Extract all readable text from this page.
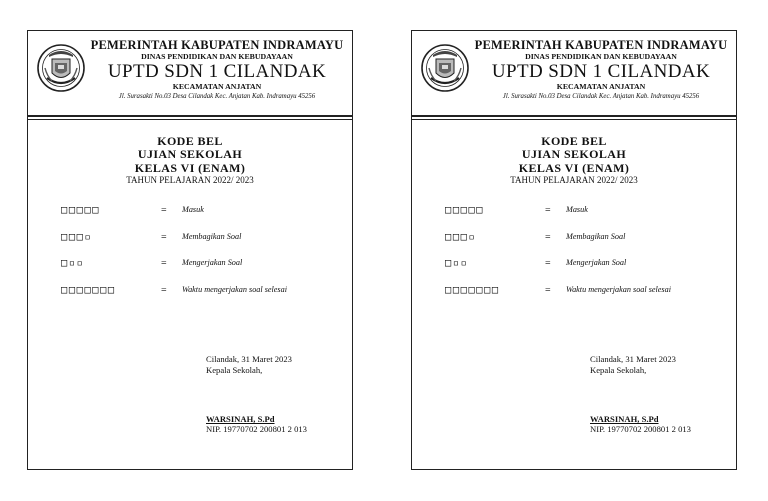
PEMERINTAH KABUPATEN INDRAMAYU
DINAS PENDIDIKAN DAN KEBUDAYAAN
UPTD SDN 1 CILANDAK
KECAMATAN ANJATAN
Jl. Surasakti No.03 Desa Cilandak Kec. Anjatan Kab. Indramayu 45256
KODE BEL
UJIAN SEKOLAH
KELAS VI (ENAM)
TAHUN PELAJARAN 2022/ 2023
□□□□□	= Masuk
□□□▫	= Membagikan Soal
□▫▫	= Mengerjakan Soal
□□□□□□□	= Waktu mengerjakan soal selesai
Cilandak, 31 Maret 2023
Kepala Sekolah,
WARSINAH, S.Pd
NIP. 19770702 200801 2 013
PEMERINTAH KABUPATEN INDRAMAYU
DINAS PENDIDIKAN DAN KEBUDAYAAN
UPTD SDN 1 CILANDAK
KECAMATAN ANJATAN
Jl. Surasakti No.03 Desa Cilandak Kec. Anjatan Kab. Indramayu 45256
KODE BEL
UJIAN SEKOLAH
KELAS VI (ENAM)
TAHUN PELAJARAN 2022/ 2023
□□□□□	= Masuk
□□□▫	= Membagikan Soal
□▫▫	= Mengerjakan Soal
□□□□□□□	= Waktu mengerjakan soal selesai
Cilandak, 31 Maret 2023
Kepala Sekolah,
WARSINAH, S.Pd
NIP. 19770702 200801 2 013
